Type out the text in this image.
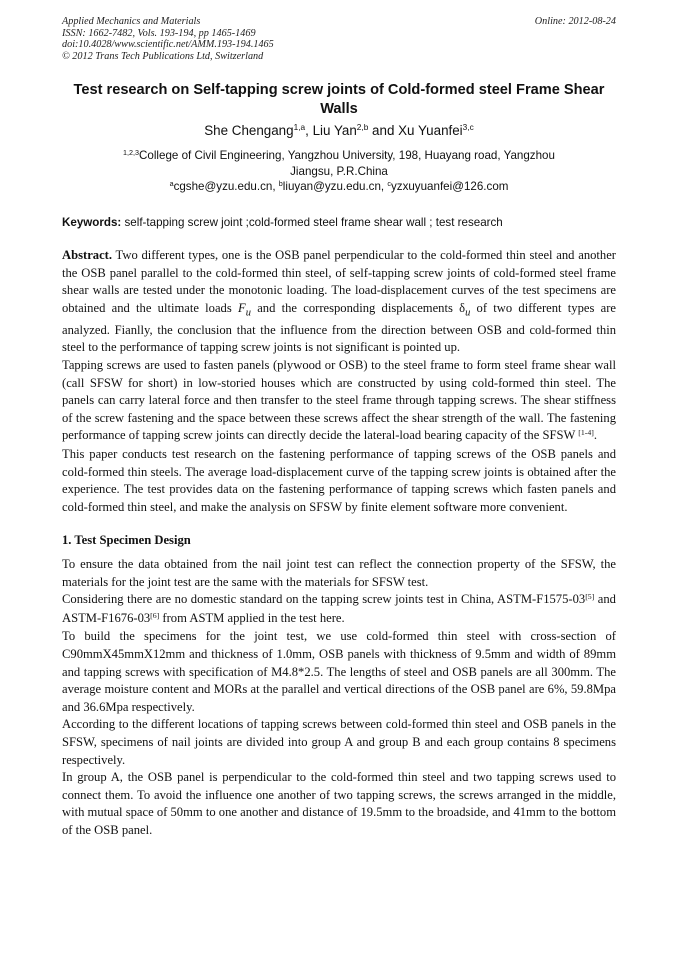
Applied Mechanics and Materials
ISSN: 1662-7482, Vols. 193-194, pp 1465-1469
doi:10.4028/www.scientific.net/AMM.193-194.1465
© 2012 Trans Tech Publications Ltd, Switzerland
Online: 2012-08-24
Test research on Self-tapping screw joints of Cold-formed steel Frame Shear Walls
She Chengang$^{1,a}$, Liu Yan$^{2,b}$ and Xu Yuanfei$^{3,c}$
$^{1,2,3}$College of Civil Engineering, Yangzhou University, 198, Huayang road, Yangzhou
Jiangsu, P.R.China
$^a$cgshe@yzu.edu.cn, $^b$liuyan@yzu.edu.cn, $^c$yzxuyuanfei@126.com
Keywords: self-tapping screw joint ;cold-formed steel frame shear wall ; test research

Abstract. Two different types, one is the OSB panel perpendicular to the cold-formed thin steel and another the OSB panel parallel to the cold-formed thin steel, of self-tapping screw joints of cold-formed steel frame shear walls are tested under the monotonic loading. The load-displacement curves of the test specimens are obtained and the ultimate loads $F_u$ and the corresponding displacements $\delta_u$ of two different types are analyzed. Fianlly, the conclusion that the influence from the direction between OSB and cold-formed thin steel to the performance of tapping screw joints is not significant is pointed up.

Tapping screws are used to fasten panels (plywood or OSB) to the steel frame to form steel frame shear wall (call SFSW for short) in low-storied houses which are constructed by using cold-formed thin steel. The panels can carry lateral force and then transfer to the steel frame through tapping screws. The shear stiffness of the screw fastening and the space between these screws affect the shear strength of the wall. The fastening performance of tapping screw joints can directly decide the lateral-load bearing capacity of the SFSW [1-4].

This paper conducts test research on the fastening performance of tapping screws of the OSB panels and cold-formed thin steels. The average load-displacement curve of the tapping screw joints is obtained after the experience. The test provides data on the fastening performance of tapping screws which fasten panels and cold-formed thin steel, and make the analysis on SFSW by finite element software more convenient.

1. Test Specimen Design

To ensure the data obtained from the nail joint test can reflect the connection property of the SFSW, the materials for the joint test are the same with the materials for SFSW test.

Considering there are no domestic standard on the tapping screw joints test in China, ASTM-F1575-03[5] and ASTM-F1676-03[6] from ASTM applied in the test here.

To build the specimens for the joint test, we use cold-formed thin steel with cross-section of C90mmX45mmX12mm and thickness of 1.0mm, OSB panels with thickness of 9.5mm and width of 89mm and tapping screws with specification of M4.8*2.5. The lengths of steel and OSB panels are all 300mm. The average moisture content and MORs at the parallel and vertical directions of the OSB panel are 6%, 59.8Mpa and 36.6Mpa respectively.

According to the different locations of tapping screws between cold-formed thin steel and OSB panels in the SFSW, specimens of nail joints are divided into group A and group B and each group contains 8 specimens respectively.

In group A, the OSB panel is perpendicular to the cold-formed thin steel and two tapping screws used to connect them. To avoid the influence one another of two tapping screws, the screws arranged in the middle, with mutual space of 50mm to one another and distance of 19.5mm to the broadside, and 41mm to the bottom of the OSB panel.
